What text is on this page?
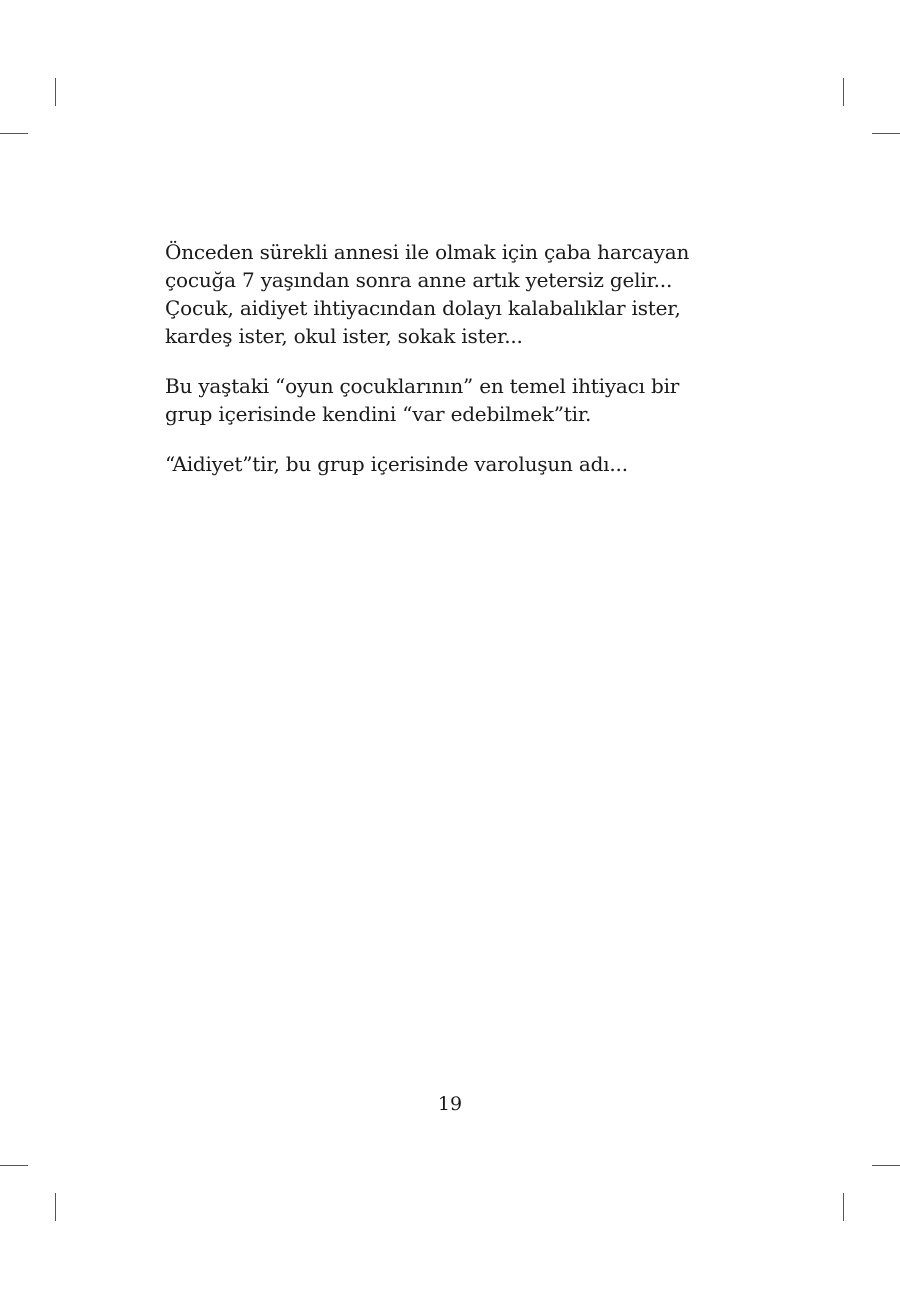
Önceden sürekli annesi ile olmak için çaba harcayan çocuğa 7 yaşından sonra anne artık yetersiz gelir... Çocuk, aidiyet ihtiyacından dolayı kalabalıklar ister, kardeş ister, okul ister, sokak ister...

Bu yaştaki “oyun çocuklarının” en temel ihtiyacı bir grup içerisinde kendini “var edebilmek”tir.

“Aidiyet”tir, bu grup içerisinde varoluşun adı...

19
